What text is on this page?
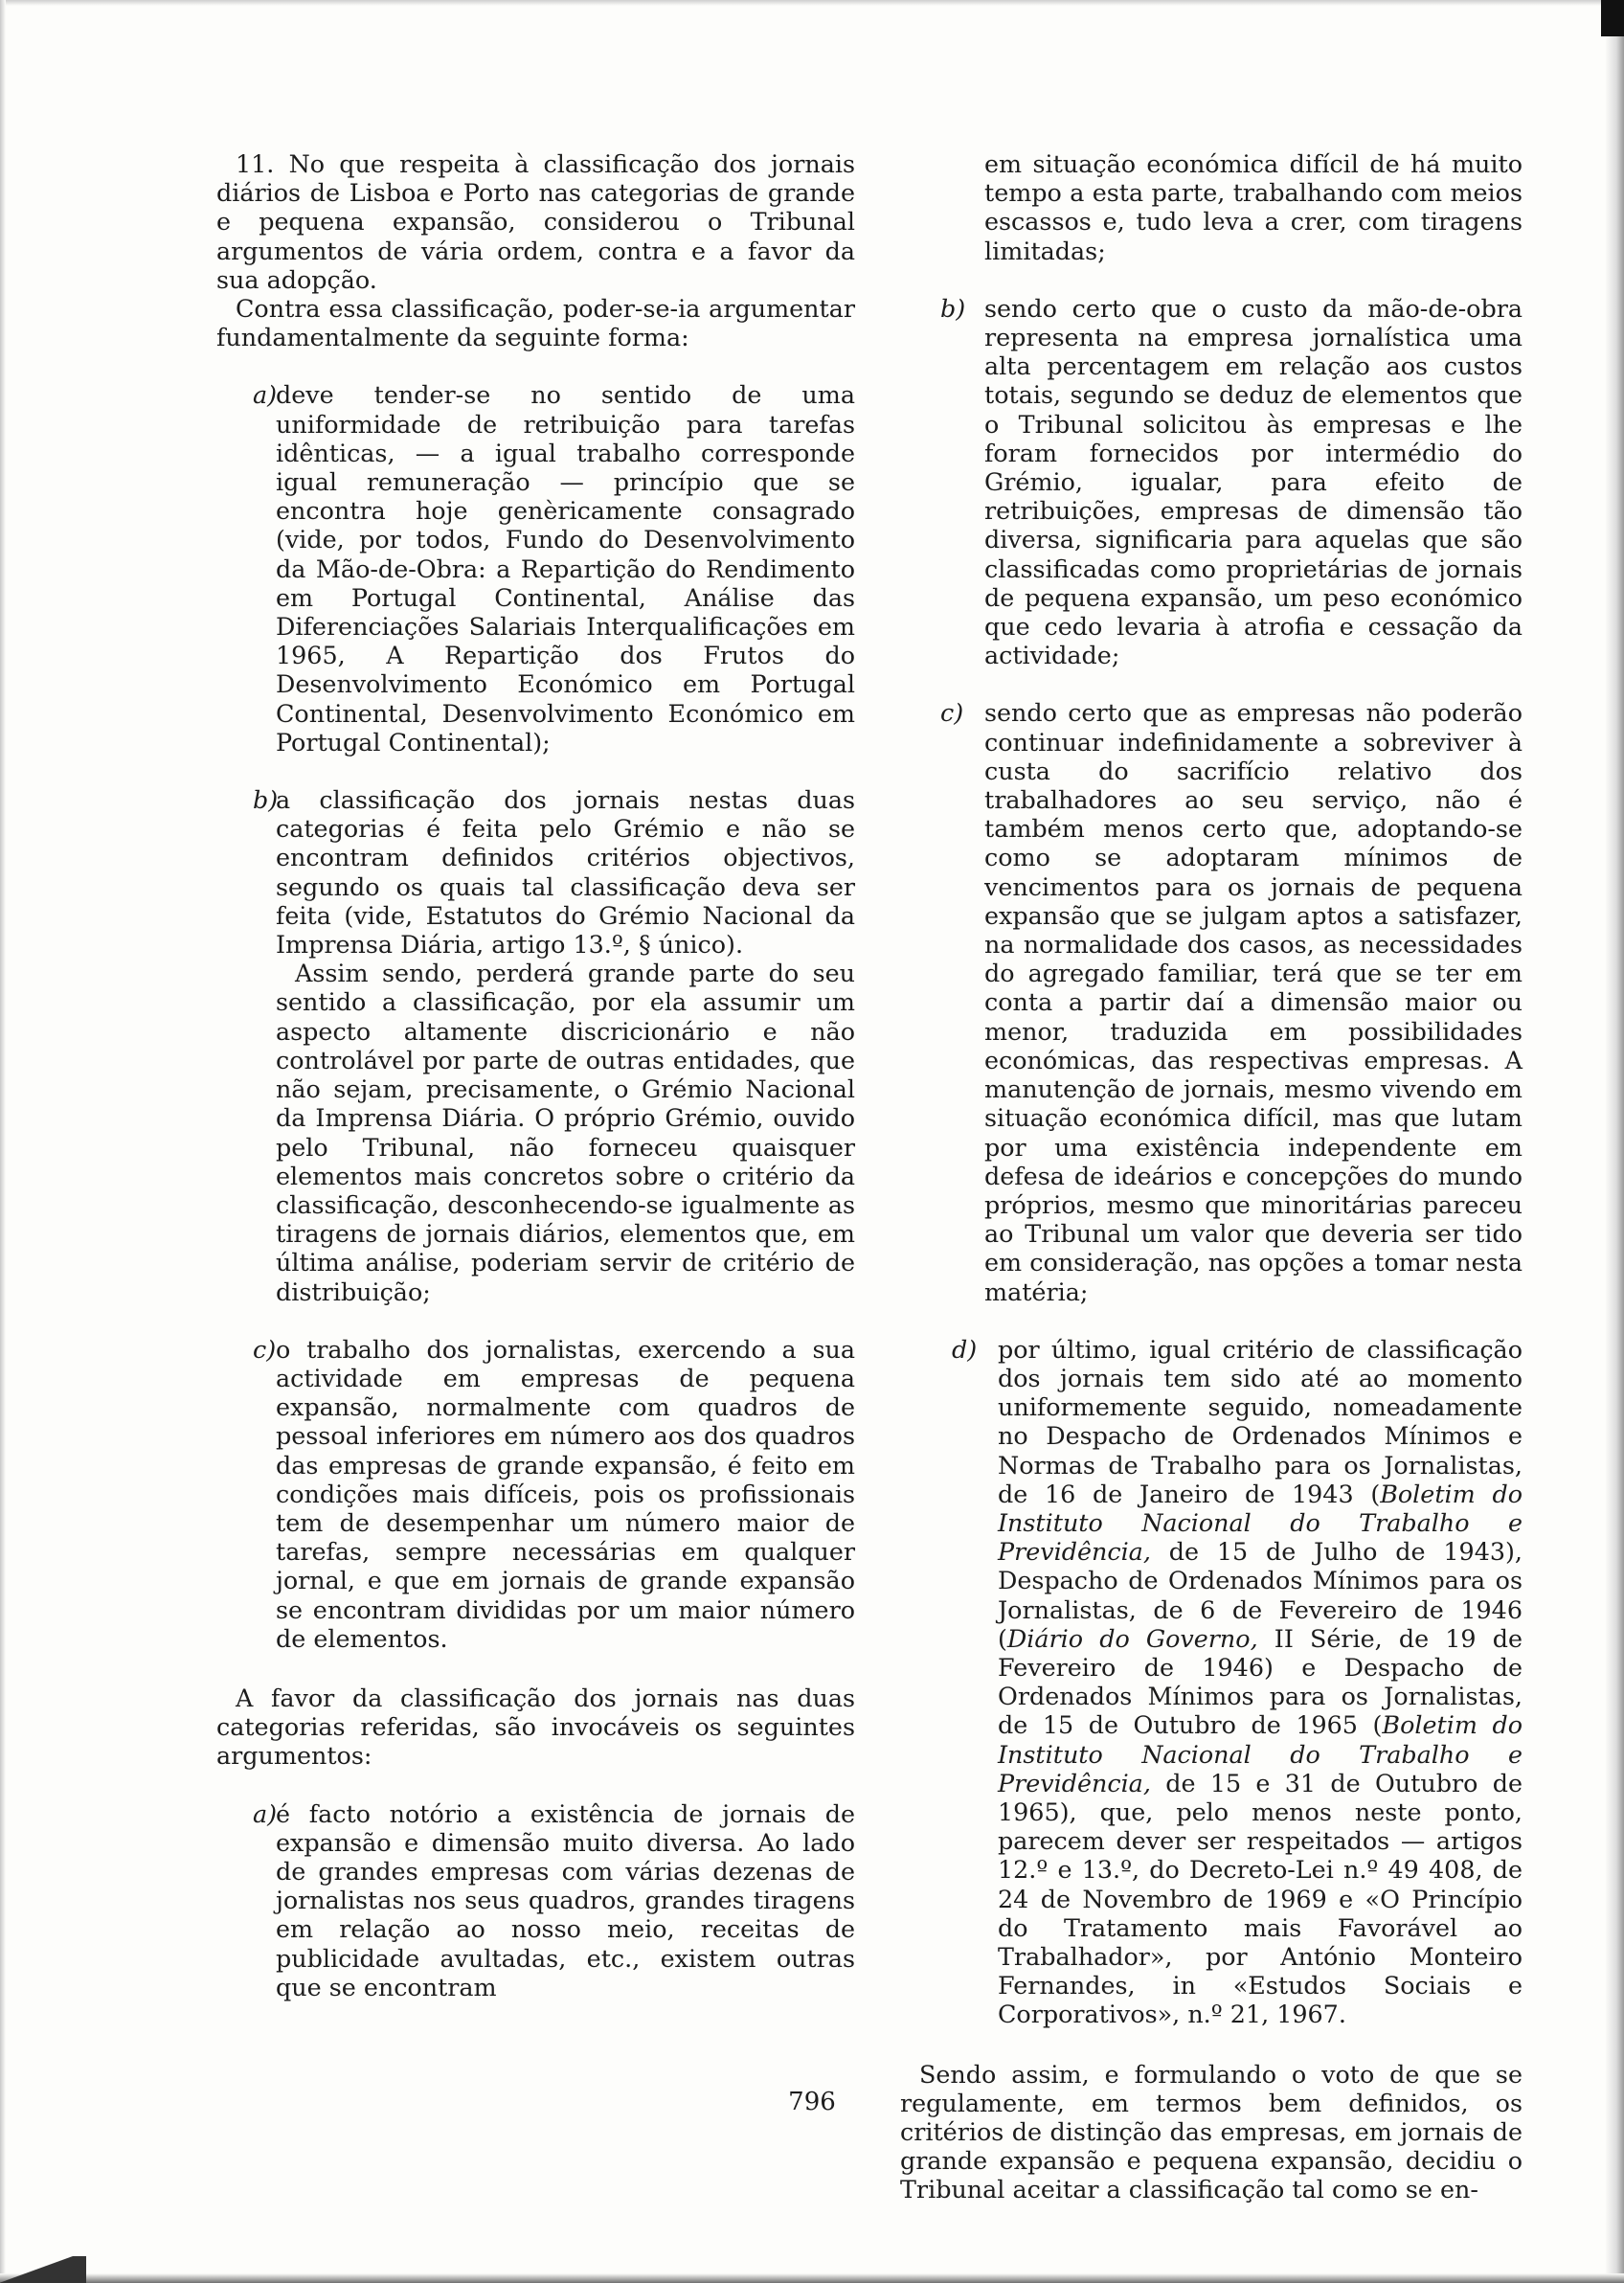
11. No que respeita à classificação dos jornais diários de Lisboa e Porto nas categorias de grande e pequena expansão, considerou o Tribunal argumentos de vária ordem, contra e a favor da sua adopção.

Contra essa classificação, poder-se-ia argumentar fundamentalmente da seguinte forma:

a)

deve tender-se no sentido de uma uniformidade de retribuição para tarefas idênticas, — a igual trabalho corresponde igual remuneração — princípio que se encontra hoje genèricamente consagrado (vide, por todos, Fundo do Desenvolvimento da Mão-de-Obra: a Repartição do Rendimento em Portugal Continental, Análise das Diferenciações Salariais Interqualificações em 1965, A Repartição dos Frutos do Desenvolvimento Económico em Portugal Continental, Desenvolvimento Económico em Portugal Continental);

b)

a classificação dos jornais nestas duas categorias é feita pelo Grémio e não se encontram definidos critérios objectivos, segundo os quais tal classificação deva ser feita (vide, Estatutos do Grémio Nacional da Imprensa Diária, artigo 13.º, § único).

Assim sendo, perderá grande parte do seu sentido a classificação, por ela assumir um aspecto altamente discricionário e não controlável por parte de outras entidades, que não sejam, precisamente, o Grémio Nacional da Imprensa Diária. O próprio Grémio, ouvido pelo Tribunal, não forneceu quaisquer elementos mais concretos sobre o critério da classificação, desconhecendo-se igualmente as tiragens de jornais diários, elementos que, em última análise, poderiam servir de critério de distribuição;

c) o trabalho dos jornalistas, exercendo a sua actividade em empresas de pequena expansão, normalmente com quadros de pessoal inferiores em número aos dos quadros das empresas de grande expansão, é feito em condições mais difíceis, pois os profissionais tem de desempenhar um número maior de tarefas, sempre necessárias em qualquer jornal, e que em jornais de grande expansão se encontram divididas por um maior número de elementos.

A favor da classificação dos jornais nas duas categorias referidas, são invocáveis os seguintes argumentos:

a)

é facto notório a existência de jornais de expansão e dimensão muito diversa. Ao lado de grandes empresas com várias dezenas de jornalistas nos seus quadros, grandes tiragens em relação ao nosso meio, receitas de publicidade avultadas, etc., existem outras que se encontram

em situação económica difícil de há muito tempo a esta parte, trabalhando com meios escassos e, tudo leva a crer, com tiragens limitadas;

b) sendo certo que o custo da mão-de-obra representa na empresa jornalística uma alta percentagem em relação aos custos totais, segundo se deduz de elementos que o Tribunal solicitou às empresas e lhe foram fornecidos por intermédio do Grémio, igualar, para efeito de retribuições, empresas de dimensão tão diversa, significaria para aquelas que são classificadas como proprietárias de jornais de pequena expansão, um peso económico que cedo levaria à atrofia e cessação da actividade;

c) sendo certo que as empresas não poderão continuar indefinidamente a sobreviver à custa do sacrifício relativo dos trabalhadores ao seu serviço, não é também menos certo que, adoptando-se como se adoptaram mínimos de vencimentos para os jornais de pequena expansão que se julgam aptos a satisfazer, na normalidade dos casos, as necessidades do agregado familiar, terá que se ter em conta a partir daí a dimensão maior ou menor, traduzida em possibilidades económicas, das respectivas empresas. A manutenção de jornais, mesmo vivendo em situação económica difícil, mas que lutam por uma existência independente em defesa de ideários e concepções do mundo próprios, mesmo que minoritárias pareceu ao Tribunal um valor que deveria ser tido em consideração, nas opções a tomar nesta matéria;

d) por último, igual critério de classificação dos jornais tem sido até ao momento uniformemente seguido, nomeadamente no Despacho de Ordenados Mínimos e Normas de Trabalho para os Jornalistas, de 16 de Janeiro de 1943 (Boletim do Instituto Nacional do Trabalho e Previdência, de 15 de Julho de 1943), Despacho de Ordenados Mínimos para os Jornalistas, de 6 de Fevereiro de 1946 (Diário do Governo, II Série, de 19 de Fevereiro de 1946) e Despacho de Ordenados Mínimos para os Jornalistas, de 15 de Outubro de 1965 (Boletim do Instituto Nacional do Trabalho e Previdência, de 15 e 31 de Outubro de 1965), que, pelo menos neste ponto, parecem dever ser respeitados — artigos 12.º e 13.º, do Decreto-Lei n.º 49 408, de 24 de Novembro de 1969 e «O Princípio do Tratamento mais Favorável ao Trabalhador», por António Monteiro Fernandes, in «Estudos Sociais e Corporativos», n.º 21, 1967.

Sendo assim, e formulando o voto de que se regulamente, em termos bem definidos, os critérios de distinção das empresas, em jornais de grande expansão e pequena expansão, decidiu o Tribunal aceitar a classificação tal como se en-

796
